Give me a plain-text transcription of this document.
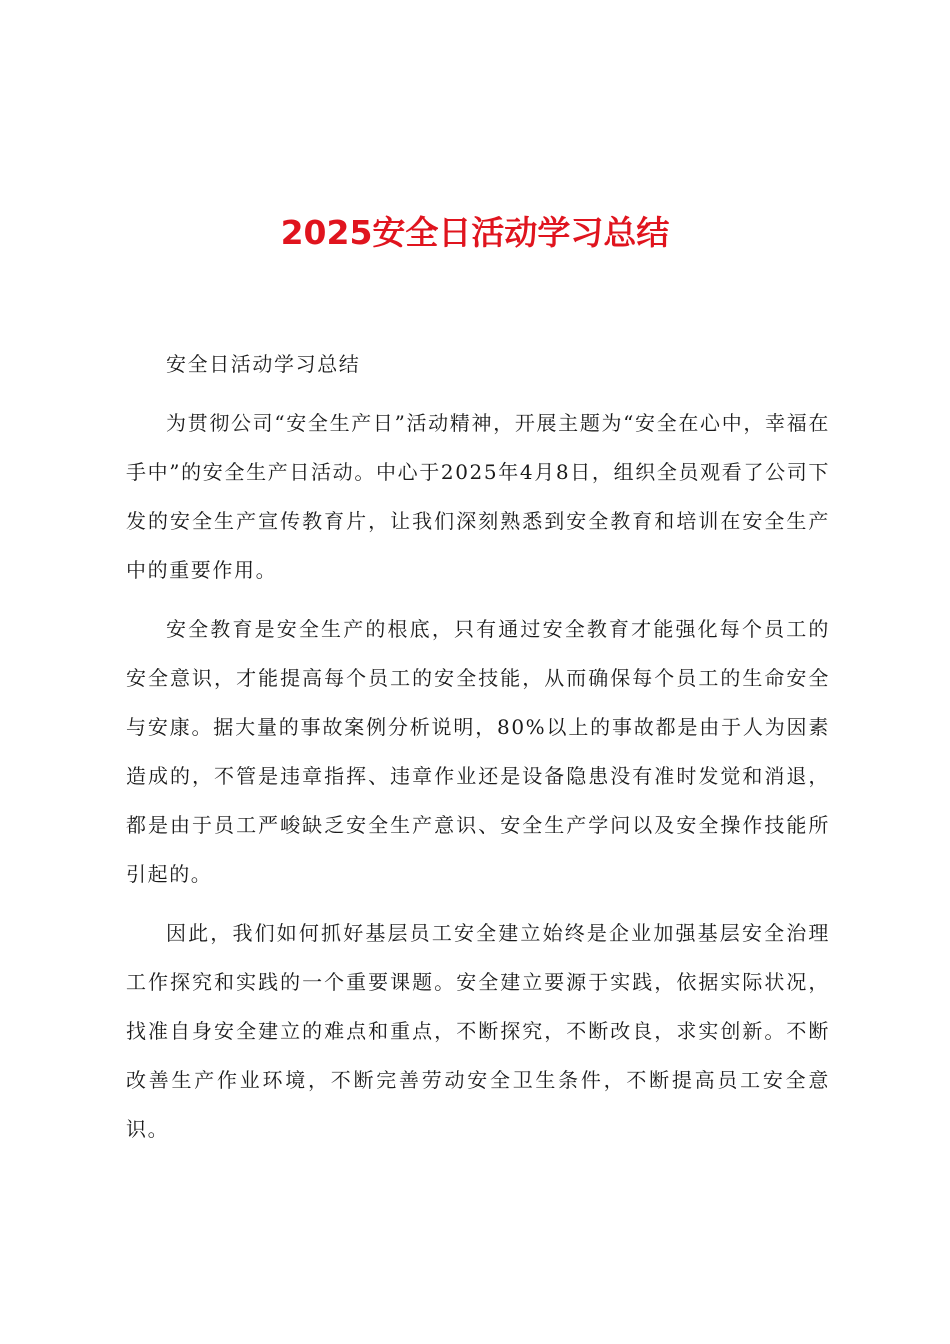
2025安全日活动学习总结

安全日活动学习总结

为贯彻公司“安全生产日”活动精神，开展主题为“安全在心中，幸福在手中”的安全生产日活动。中心于2025年4月8日，组织全员观看了公司下发的安全生产宣传教育片，让我们深刻熟悉到安全教育和培训在安全生产中的重要作用。

安全教育是安全生产的根底，只有通过安全教育才能强化每个员工的安全意识，才能提高每个员工的安全技能，从而确保每个员工的生命安全与安康。据大量的事故案例分析说明，80%以上的事故都是由于人为因素造成的，不管是违章指挥、违章作业还是设备隐患没有准时发觉和消退，都是由于员工严峻缺乏安全生产意识、安全生产学问以及安全操作技能所引起的。

因此，我们如何抓好基层员工安全建立始终是企业加强基层安全治理工作探究和实践的一个重要课题。安全建立要源于实践，依据实际状况，找准自身安全建立的难点和重点，不断探究，不断改良，求实创新。不断改善生产作业环境，不断完善劳动安全卫生条件，不断提高员工安全意识。
